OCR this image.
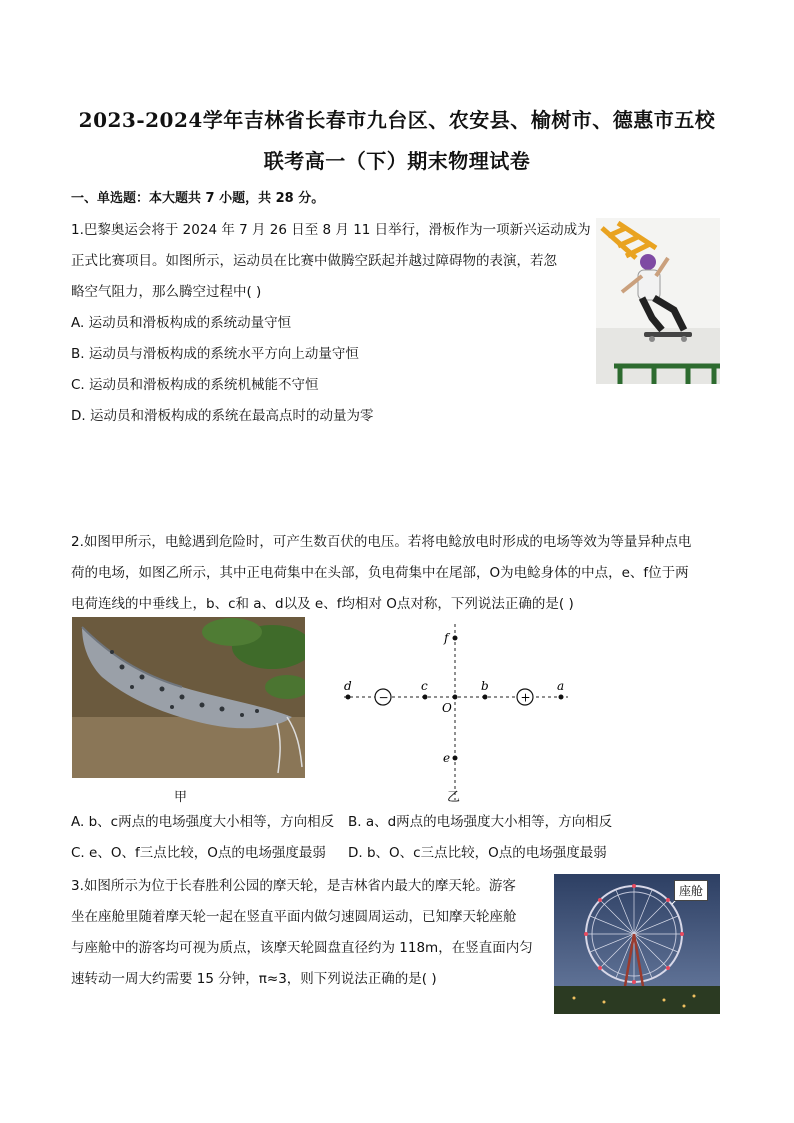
2023-2024学年吉林省长春市九台区、农安县、榆树市、德惠市五校
联考高一（下）期末物理试卷
一、单选题：本大题共 7 小题，共 28 分。
1.巴黎奥运会将于 2024 年 7 月 26 日至 8 月 11 日举行，滑板作为一项新兴运动成为
正式比赛项目。如图所示，运动员在比赛中做腾空跃起并越过障碍物的表演，若忽
略空气阻力，那么腾空过程中( )
A. 运动员和滑板构成的系统动量守恒
B. 运动员与滑板构成的系统水平方向上动量守恒
C. 运动员和滑板构成的系统机械能不守恒
D. 运动员和滑板构成的系统在最高点时的动量为零
2.如图甲所示，电鲶遇到危险时，可产生数百伏的电压。若将电鲶放电时形成的电场等效为等量异种点电
荷的电场，如图乙所示，其中正电荷集中在头部，负电荷集中在尾部，O为电鲶身体的中点，e、f位于两
电荷连线的中垂线上，b、c和 a、d以及 e、f均相对 O点对称，下列说法正确的是( )
甲
f
e
d	c
O
b	a
−	+
乙
A. b、c两点的电场强度大小相等，方向相反 B. a、d两点的电场强度大小相等，方向相反
C. e、O、f三点比较，O点的电场强度最弱 D. b、O、c三点比较，O点的电场强度最弱
3.如图所示为位于长春胜利公园的摩天轮，是吉林省内最大的摩天轮。游客
坐在座舱里随着摩天轮一起在竖直平面内做匀速圆周运动，已知摩天轮座舱
与座舱中的游客均可视为质点，该摩天轮圆盘直径约为 118m，在竖直面内匀
速转动一周大约需要 15 分钟，π≈3，则下列说法正确的是( )
座舱
